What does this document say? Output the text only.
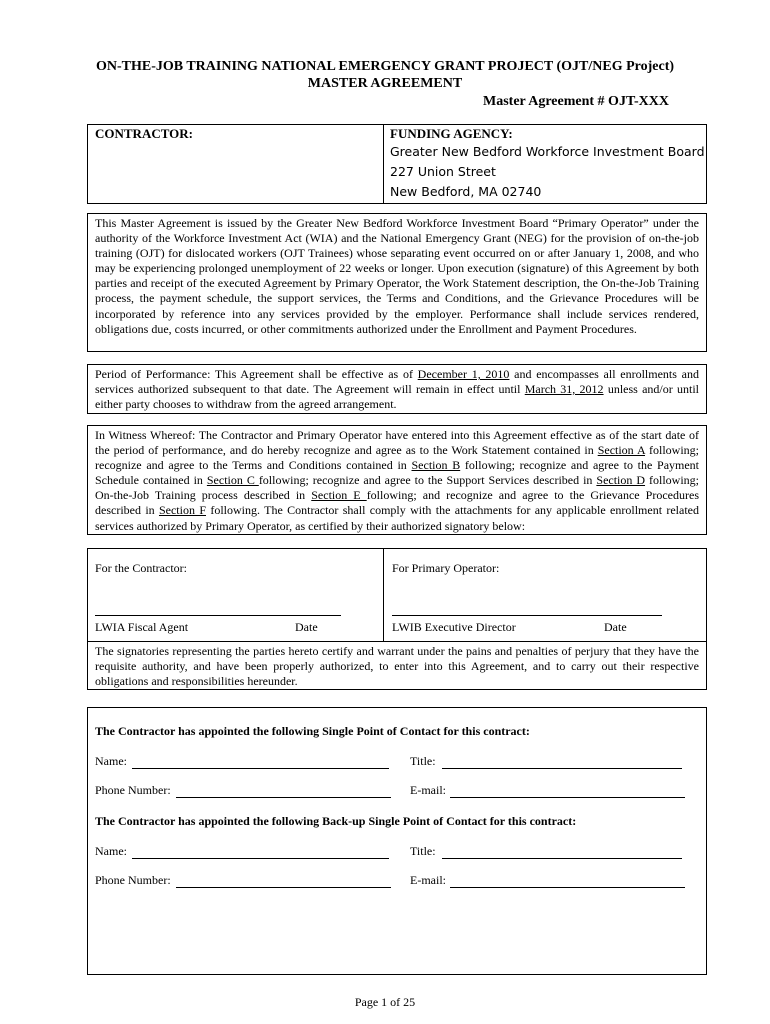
ON-THE-JOB TRAINING NATIONAL EMERGENCY GRANT PROJECT (OJT/NEG Project)
MASTER AGREEMENT
Master Agreement # OJT-XXX
CONTRACTOR:	FUNDING AGENCY:
Greater New Bedford Workforce Investment Board
227 Union Street
New Bedford, MA 02740
This Master Agreement is issued by the Greater New Bedford Workforce Investment Board “Primary Operator” under the authority of the Workforce Investment Act (WIA) and the National Emergency Grant (NEG) for the provision of on-the-job training (OJT) for dislocated workers (OJT Trainees) whose separating event occurred on or after January 1, 2008, and who may be experiencing prolonged unemployment of 22 weeks or longer. Upon execution (signature) of this Agreement by both parties and receipt of the executed Agreement by Primary Operator, the Work Statement description, the On-the-Job Training process, the payment schedule, the support services, the Terms and Conditions, and the Grievance Procedures will be incorporated by reference into any services provided by the employer. Performance shall include services rendered, obligations due, costs incurred, or other commitments authorized under the Enrollment and Payment Procedures.
Period of Performance: This Agreement shall be effective as of December 1, 2010 and encompasses all enrollments and services authorized subsequent to that date. The Agreement will remain in effect until March 31, 2012 unless and/or until either party chooses to withdraw from the agreed arrangement.
In Witness Whereof: The Contractor and Primary Operator have entered into this Agreement effective as of the start date of the period of performance, and do hereby recognize and agree as to the Work Statement contained in Section A following; recognize and agree to the Terms and Conditions contained in Section B following; recognize and agree to the Payment Schedule contained in Section C following; recognize and agree to the Support Services described in Section D following; On-the-Job Training process described in Section E following; and recognize and agree to the Grievance Procedures described in Section F following. The Contractor shall comply with the attachments for any applicable enrollment related services authorized by Primary Operator, as certified by their authorized signatory below:
For the Contractor:	For Primary Operator:
LWIA Fiscal Agent	Date	LWIB Executive Director	Date
The signatories representing the parties hereto certify and warrant under the pains and penalties of perjury that they have the requisite authority, and have been properly authorized, to enter into this Agreement, and to carry out their respective obligations and responsibilities hereunder.
The Contractor has appointed the following Single Point of Contact for this contract:
Name:	Title:
Phone Number:	E-mail:
The Contractor has appointed the following Back-up Single Point of Contact for this contract:
Name:	Title:
Phone Number:	E-mail:
Page 1 of 25
